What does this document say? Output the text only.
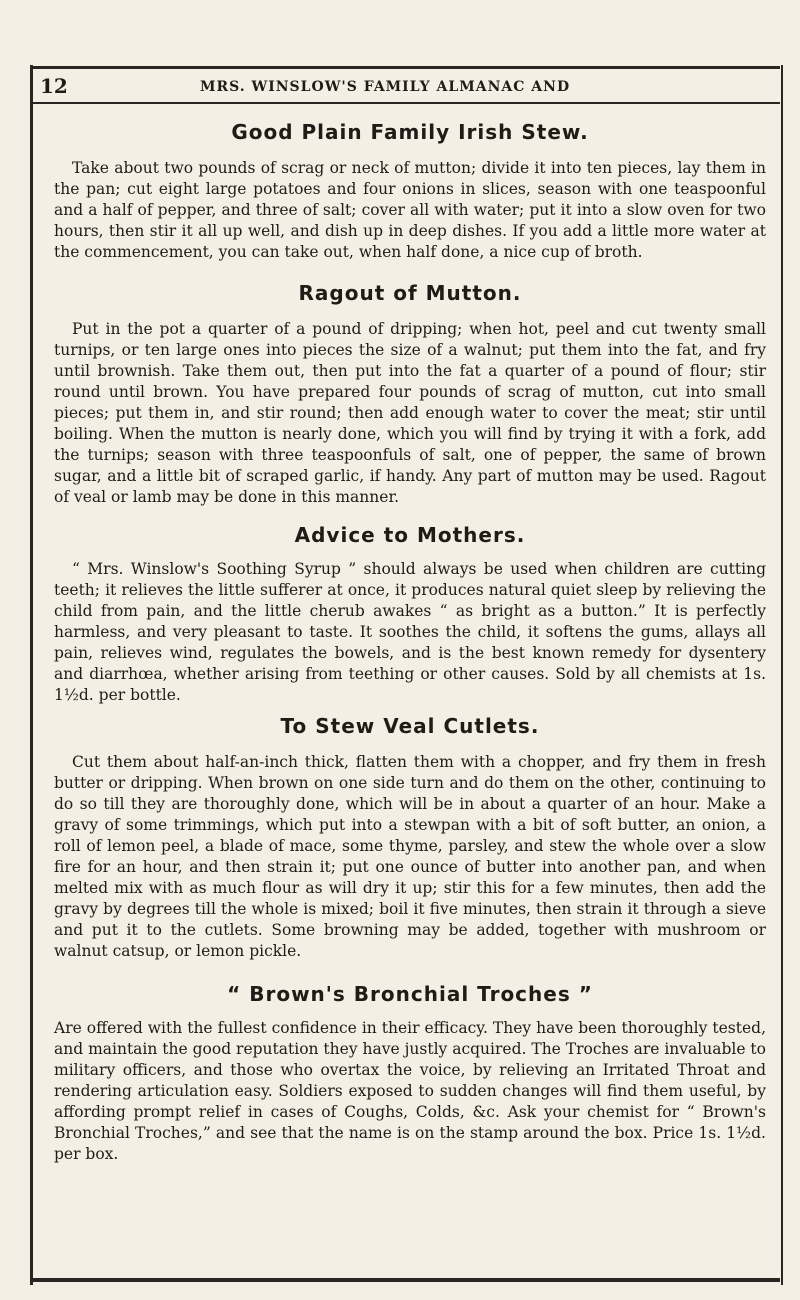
12	MRS. WINSLOW'S FAMILY ALMANAC AND
Good Plain Family Irish Stew.

Take about two pounds of scrag or neck of mutton; divide it into ten pieces, lay them in the pan; cut eight large potatoes and four onions in slices, season with one teaspoonful and a half of pepper, and three of salt; cover all with water; put it into a slow oven for two hours, then stir it all up well, and dish up in deep dishes. If you add a little more water at the commencement, you can take out, when half done, a nice cup of broth.

Ragout of Mutton.

Put in the pot a quarter of a pound of dripping; when hot, peel and cut twenty small turnips, or ten large ones into pieces the size of a walnut; put them into the fat, and fry until brownish. Take them out, then put into the fat a quarter of a pound of flour; stir round until brown. You have prepared four pounds of scrag of mutton, cut into small pieces; put them in, and stir round; then add enough water to cover the meat; stir until boiling. When the mutton is nearly done, which you will find by trying it with a fork, add the turnips; season with three teaspoonfuls of salt, one of pepper, the same of brown sugar, and a little bit of scraped garlic, if handy. Any part of mutton may be used. Ragout of veal or lamb may be done in this manner.

Advice to Mothers.

“ Mrs. Winslow's Soothing Syrup ” should always be used when children are cutting teeth; it relieves the little sufferer at once, it produces natural quiet sleep by relieving the child from pain, and the little cherub awakes “ as bright as a button.” It is perfectly harmless, and very pleasant to taste. It soothes the child, it softens the gums, allays all pain, relieves wind, regulates the bowels, and is the best known remedy for dysentery and diarrhœa, whether arising from teething or other causes. Sold by all chemists at 1s. 1½d. per bottle.

To Stew Veal Cutlets.

Cut them about half-an-inch thick, flatten them with a chopper, and fry them in fresh butter or dripping. When brown on one side turn and do them on the other, continuing to do so till they are thoroughly done, which will be in about a quarter of an hour. Make a gravy of some trimmings, which put into a stewpan with a bit of soft butter, an onion, a roll of lemon peel, a blade of mace, some thyme, parsley, and stew the whole over a slow fire for an hour, and then strain it; put one ounce of butter into another pan, and when melted mix with as much flour as will dry it up; stir this for a few minutes, then add the gravy by degrees till the whole is mixed; boil it five minutes, then strain it through a sieve and put it to the cutlets. Some browning may be added, together with mushroom or walnut catsup, or lemon pickle.

“ Brown's Bronchial Troches ”

Are offered with the fullest confidence in their efficacy. They have been thoroughly tested, and maintain the good reputation they have justly acquired. The Troches are invaluable to military officers, and those who overtax the voice, by relieving an Irritated Throat and rendering articulation easy. Soldiers exposed to sudden changes will find them useful, by affording prompt relief in cases of Coughs, Colds, &c. Ask your chemist for “ Brown's Bronchial Troches,” and see that the name is on the stamp around the box. Price 1s. 1½d. per box.
